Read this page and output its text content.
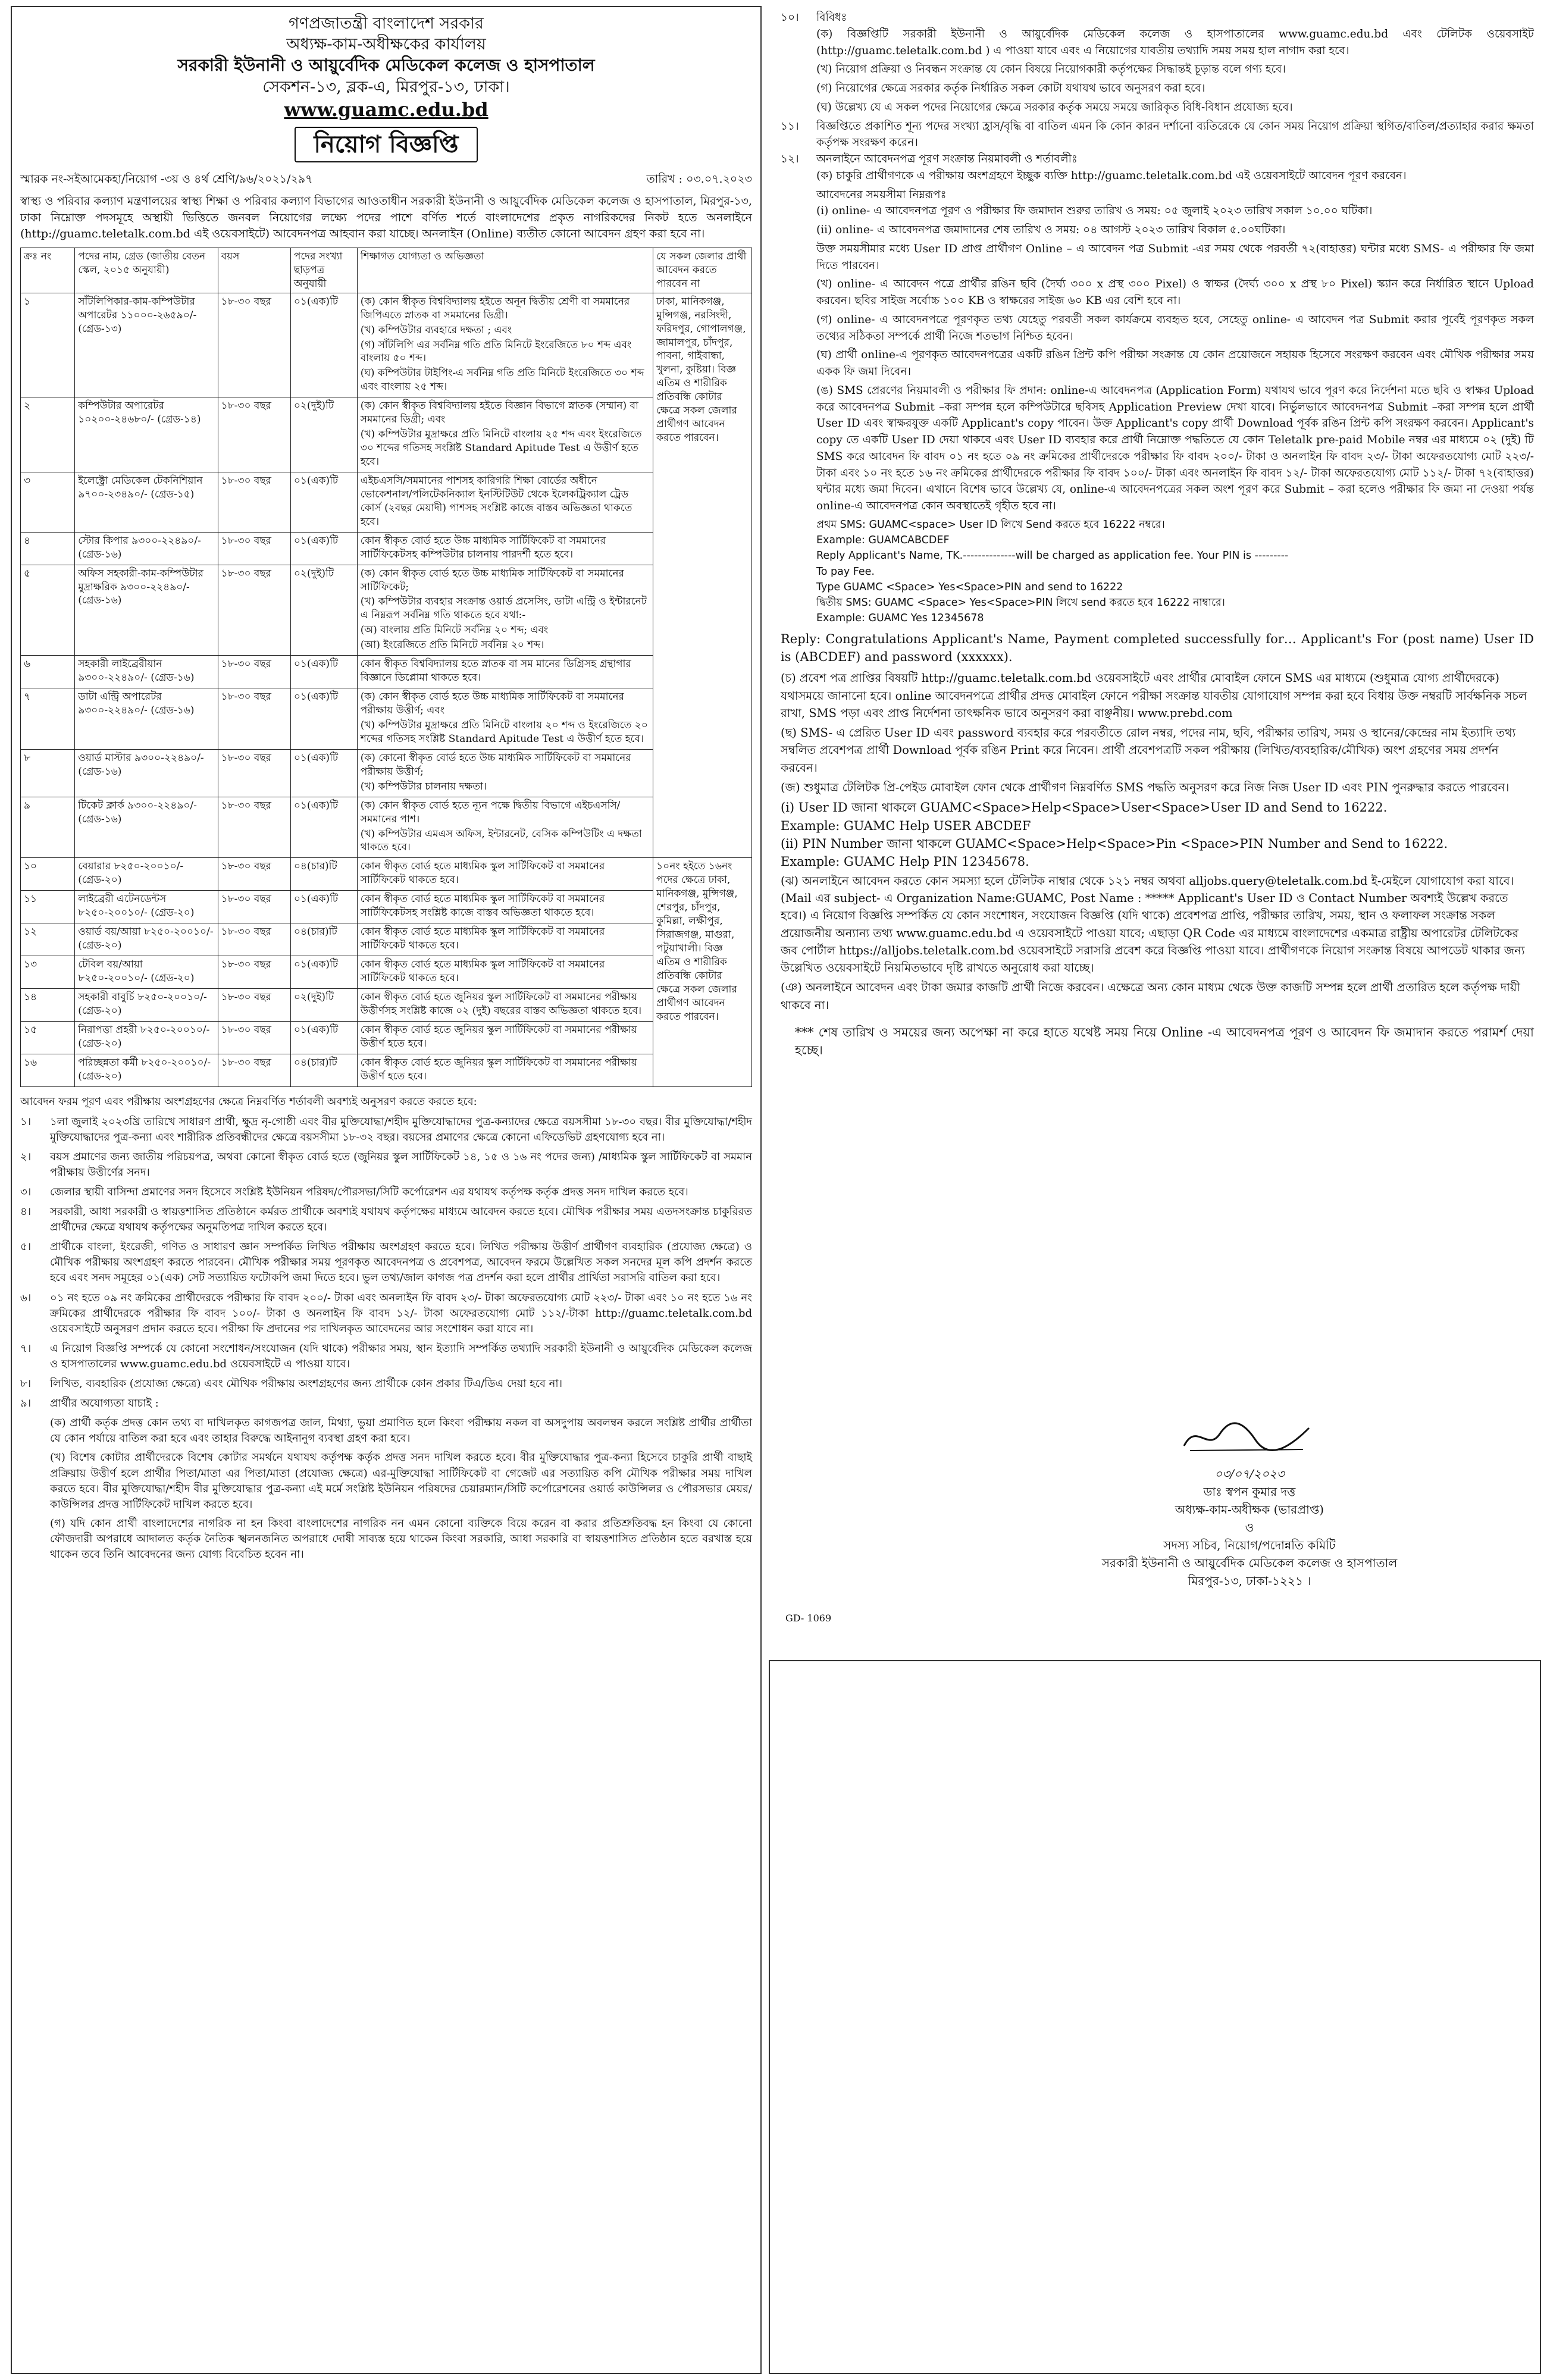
গণপ্রজাতন্ত্রী বাংলাদেশ সরকার
অধ্যক্ষ-কাম-অধীক্ষকের কার্যালয়
সরকারী ইউনানী ও আয়ুর্বেদিক মেডিকেল কলেজ ও হাসপাতাল
সেকশন-১৩, ব্লক-এ, মিরপুর-১৩, ঢাকা।
www.guamc.edu.bd
নিয়োগ বিজ্ঞপ্তি
স্মারক নং-সইআমেকহা/নিয়োগ -৩য় ও ৪র্থ শ্রেণি/৯৬/২০২১/২৯৭	তারিখ : ০৩.০৭.২০২৩

স্বাস্থ্য ও পরিবার কল্যাণ মন্ত্রণালয়ের স্বাস্থ্য শিক্ষা ও পরিবার কল্যাণ বিভাগের আওতাধীন সরকারী ইউনানী ও আয়ুর্বেদিক মেডিকেল কলেজ ও হাসপাতাল, মিরপুর-১৩, ঢাকা নিম্নোক্ত পদসমূহে অস্থায়ী ভিত্তিতে জনবল নিয়োগের লক্ষ্যে পদের পাশে বর্ণিত শর্তে বাংলাদেশের প্রকৃত নাগরিকদের নিকট হতে অনলাইনে (http://guamc.teletalk.com.bd এই ওয়েবসাইটে) আবেদনপত্র আহবান করা যাচ্ছে। অনলাইন (Online) ব্যতীত কোনো আবেদন গ্রহণ করা হবে না।

ক্রঃ নং	পদের নাম, গ্রেড (জাতীয় বেতন স্কেল, ২০১৫ অনুযায়ী)	বয়স	পদের সংখ্যা ছাড়পত্র অনুযায়ী	শিক্ষাগত যোগ্যতা ও অভিজ্ঞতা	যে সকল জেলার প্রার্থী আবেদন করতে পারবেন না
১	সাঁটলিপিকার-কাম-কম্পিউটার অপারেটর ১১০০০-২৬৫৯০/- (গ্রেড-১৩)	১৮-৩০ বছর	০১(এক)টি	(ক) কোন স্বীকৃত বিশ্ববিদ্যালয় হইতে অনূন দ্বিতীয় শ্রেণী বা সমমানের জিপিএতে স্নাতক বা সমমানের ডিগ্রী।
(খ) কম্পিউটার ব্যবহারে দক্ষতা ; এবং
(গ) সাঁটলিপি এর সর্বনিম্ন গতি প্রতি মিনিটে ইংরেজিতে ৮০ শব্দ এবং বাংলায় ৫০ শব্দ।
(ঘ) কম্পিউটার টাইপিং-এ সর্বনিম্ন গতি প্রতি মিনিটে ইংরেজিতে ৩০ শব্দ এবং বাংলায় ২৫ শব্দ।	ঢাকা, মানিকগঞ্জ, মুন্সিগঞ্জ, নরসিংদী, ফরিদপুর, গোপালগঞ্জ, জামালপুর, চাঁদপুর, পাবনা, গাইবান্ধা, খুলনা, কুষ্টিয়া। বিজ্ঞ এতিম ও শারীরিক প্রতিবন্ধি কোটার ক্ষেত্রে সকল জেলার প্রার্থীগণ আবেদন করতে পারবেন।
২	কম্পিউটার অপারেটর ১০২০০-২৪৬৮০/- (গ্রেড-১৪)	১৮-৩০ বছর	০২(দুই)টি	(ক) কোন স্বীকৃত বিশ্ববিদ্যালয় হইতে বিজ্ঞান বিভাগে স্নাতক (সম্মান) বা সমমানের ডিগ্রী; এবং
(খ) কম্পিউটার মুদ্রাক্ষরে প্রতি মিনিটে বাংলায় ২৫ শব্দ এবং ইংরেজিতে ৩০ শব্দের গতিসহ সংশ্লিষ্ট Standard Apitude Test এ উত্তীর্ণ হতে হবে।	

৩	ইলেক্ট্রো মেডিকেল টেকনিশিয়ান ৯৭০০-২৩৪৯০/- (গ্রেড-১৫)	১৮-৩০ বছর	০১(এক)টি	এইচএসসি/সমমানের পাশসহ কারিগরি শিক্ষা বোর্ডের অধীনে ভোকেশনাল/পলিটেকনিক্যাল ইনস্টিটিউট থেকে ইলেকট্রিক্যাল ট্রেড কোর্স (২বছর মেয়াদী) পাশসহ সংশ্লিষ্ট কাজে বাস্তব অভিজ্ঞতা থাকতে হবে।	

৪	স্টোর কিপার ৯৩০০-২২৪৯০/- (গ্রেড-১৬)	১৮-৩০ বছর	০১(এক)টি	কোন স্বীকৃত বোর্ড হতে উচ্চ মাধ্যমিক সার্টিফিকেট বা সমমানের সার্টিফিকেটসহ কম্পিউটার চালনায় পারদর্শী হতে হবে।	

৫	অফিস সহকারী-কাম-কম্পিউটার মুদ্রাক্ষরিক ৯৩০০-২২৪৯০/- (গ্রেড-১৬)	১৮-৩০ বছর	০২(দুই)টি	(ক) কোন স্বীকৃত বোর্ড হতে উচ্চ মাধ্যমিক সার্টিফিকেট বা সমমানের সার্টিফিকেট;
(খ) কম্পিউটার ব্যবহার সংক্রান্ত ওয়ার্ড প্রসেসিং, ডাটা এন্ট্রি ও ইন্টারনেট এ নিম্নরূপ সর্বনিম্ন গতি থাকতে হবে যথা:-
(অ) বাংলায় প্রতি মিনিটে সর্বনিম্ন ২০ শব্দ; এবং
(আ) ইংরেজিতে প্রতি মিনিটে সর্বনিম্ন ২০ শব্দ।	

৬	সহকারী লাইব্রেরীয়ান ৯৩০০-২২৪৯০/- (গ্রেড-১৬)	১৮-৩০ বছর	০১(এক)টি	কোন স্বীকৃত বিশ্ববিদ্যালয় হতে স্নাতক বা সম মানের ডিগ্রিসহ গ্রন্থাগার বিজ্ঞানে ডিপ্লোমা থাকতে হবে।	

৭	ডাটা এন্ট্রি অপারেটর ৯৩০০-২২৪৯০/- (গ্রেড-১৬)	১৮-৩০ বছর	০১(এক)টি	(ক) কোন স্বীকৃত বোর্ড হতে উচ্চ মাধ্যমিক সার্টিফিকেট বা সমমানের পরীক্ষায় উত্তীর্ণ; এবং
(খ) কম্পিউটার মুদ্রাক্ষরে প্রতি মিনিটে বাংলায় ২০ শব্দ ও ইংরেজিতে ২০ শব্দের গতিসহ সংশ্লিষ্ট Standard Apitude Test এ উত্তীর্ণ হতে হবে।	

৮	ওয়ার্ড মাস্টার ৯৩০০-২২৪৯০/- (গ্রেড-১৬)	১৮-৩০ বছর	০১(এক)টি	(ক) কোনো স্বীকৃত বোর্ড হতে উচ্চ মাধ্যমিক সার্টিফিকেট বা সমমানের পরীক্ষায় উত্তীর্ণ;
(খ) কম্পিউটার চালনায় দক্ষতা।	

৯	টিকেট ক্লার্ক ৯৩০০-২২৪৯০/- (গ্রেড-১৬)	১৮-৩০ বছর	০১(এক)টি	(ক) কোন স্বীকৃত বোর্ড হতে ন্যূন পক্ষে দ্বিতীয় বিভাগে এইচএসসি/সমমানের পাশ।
(খ) কম্পিউটার এমএস অফিস, ইন্টারনেট, বেসিক কম্পিউটিং এ দক্ষতা থাকতে হবে।	

১০	বেয়ারার ৮২৫০-২০০১০/- (গ্রেড-২০)	১৮-৩০ বছর	০৪(চার)টি	কোন স্বীকৃত বোর্ড হতে মাধ্যমিক স্কুল সার্টিফিকেট বা সমমানের সার্টিফিকেট থাকতে হবে।	১০নং হইতে ১৬নং পদের ক্ষেত্রে ঢাকা, মানিকগঞ্জ, মুন্সিগঞ্জ, শেরপুর, চাঁদপুর, কুমিল্লা, লক্ষীপুর, সিরাজগঞ্জ, মাগুরা, পটুয়াখালী। বিজ্ঞ এতিম ও শারীরিক প্রতিবন্ধি কোটার ক্ষেত্রে সকল জেলার প্রার্থীগণ আবেদন করতে পারবেন।
১১	লাইব্রেরী এটেনডেন্টস ৮২৫০-২০০১০/- (গ্রেড-২০)	১৮-৩০ বছর	০১(এক)টি	কোন স্বীকৃত বোর্ড হতে মাধ্যমিক স্কুল সার্টিফিকেট বা সমমানের সার্টিফিকেটসহ সংশ্লিষ্ট কাজে বাস্তব অভিজ্ঞতা থাকতে হবে।	

১২	ওয়ার্ড বয়/আয়া ৮২৫০-২০০১০/- (গ্রেড-২০)	১৮-৩০ বছর	০৪(চার)টি	কোন স্বীকৃত বোর্ড হতে মাধ্যমিক স্কুল সার্টিফিকেট বা সমমানের সার্টিফিকেট থাকতে হবে।	

১৩	টেবিল বয়/আয়া ৮২৫০-২০০১০/- (গ্রেড-২০)	১৮-৩০ বছর	০১(এক)টি	কোন স্বীকৃত বোর্ড হতে মাধ্যমিক স্কুল সার্টিফিকেট বা সমমানের সার্টিফিকেট থাকতে হবে।	

১৪	সহকারী বাবুর্চি ৮২৫০-২০০১০/- (গ্রেড-২০)	১৮-৩০ বছর	০২(দুই)টি	কোন স্বীকৃত বোর্ড হতে জুনিয়র স্কুল সার্টিফিকেট বা সমমানের পরীক্ষায় উত্তীর্ণসহ সংশ্লিষ্ট কাজে ০২ (দুই) বছরের বাস্তব অভিজ্ঞতা থাকতে হবে।	

১৫	নিরাপত্তা প্রহরী ৮২৫০-২০০১০/- (গ্রেড-২০)	১৮-৩০ বছর	০১(এক)টি	কোন স্বীকৃত বোর্ড হতে জুনিয়র স্কুল সার্টিফিকেট বা সমমানের পরীক্ষায় উত্তীর্ণ হতে হবে।	

১৬	পরিচ্ছন্নতা কর্মী ৮২৫০-২০০১০/- (গ্রেড-২০)	১৮-৩০ বছর	০৪(চার)টি	কোন স্বীকৃত বোর্ড হতে জুনিয়র স্কুল সার্টিফিকেট বা সমমানের পরীক্ষায় উত্তীর্ণ হতে হবে।	
আবেদন ফরম পূরণ এবং পরীক্ষায় অংশগ্রহণের ক্ষেত্রে নিম্নবর্ণিত শর্তাবলী অবশ্যই অনুসরণ করতে করতে হবে:
১।	১লা জুলাই ২০২৩খ্রি তারিখে সাধারণ প্রার্থী, ক্ষুদ্র নৃ-গোষ্ঠী এবং বীর মুক্তিযোদ্ধা/শহীদ মুক্তিযোদ্ধাদের পুত্র-কন্যাদের ক্ষেত্রে বয়সসীমা ১৮-৩০ বছর। বীর মুক্তিযোদ্ধা/শহীদ মুক্তিযোদ্ধাদের পুত্র-কন্যা এবং শারীরিক প্রতিবন্ধীদের ক্ষেত্রে বয়সসীমা ১৮-৩২ বছর। বয়সের প্রমাণের ক্ষেত্রে কোনো এফিডেভিট গ্রহণযোগ্য হবে না।
২।	বয়স প্রমাণের জন্য জাতীয় পরিচয়পত্র, অথবা কোনো স্বীকৃত বোর্ড হতে (জুনিয়র স্কুল সার্টিফিকেট ১৪, ১৫ ও ১৬ নং পদের জন্য) /মাধ্যমিক স্কুল সার্টিফিকেট বা সমমান পরীক্ষায় উত্তীর্ণের সনদ।
৩।	জেলার স্থায়ী বাসিন্দা প্রমাণের সনদ হিসেবে সংশ্লিষ্ট ইউনিয়ন পরিষদ/পৌরসভা/সিটি কর্পোরেশন এর যথাযথ কর্তৃপক্ষ কর্তৃক প্রদত্ত সনদ দাখিল করতে হবে।
৪।	সরকারী, আধা সরকারী ও স্বায়ত্তশাসিত প্রতিষ্ঠানে কর্মরত প্রার্থীকে অবশ্যই যথাযথ কর্তৃপক্ষের মাধ্যমে আবেদন করতে হবে। মৌখিক পরীক্ষার সময় এতদসংক্রান্ত চাকুরিরত প্রার্থীদের ক্ষেত্রে যথাযথ কর্তৃপক্ষের অনুমতিপত্র দাখিল করতে হবে।
৫।	প্রার্থীকে বাংলা, ইংরেজী, গণিত ও সাধারণ জ্ঞান সম্পর্কিত লিখিত পরীক্ষায় অংশগ্রহণ করতে হবে। লিখিত পরীক্ষায় উত্তীর্ণ প্রার্থীগণ ব্যবহারিক (প্রযোজ্য ক্ষেত্রে) ও মৌখিক পরীক্ষায় অংশগ্রহণ করতে পারবেন। মৌখিক পরীক্ষার সময় পূরণকৃত আবেদনপত্র ও প্রবেশপত্র, আবেদন ফরমে উল্লেখিত সকল সনদের মূল কপি প্রদর্শন করতে হবে এবং সনদ সমূহের ০১(এক) সেট সত্যায়িত ফটোকপি জমা দিতে হবে। ভুল তথ্য/জাল কাগজ পত্র প্রদর্শন করা হলে প্রার্থীর প্রার্থিতা সরাসরি বাতিল করা হবে।
৬।	০১ নং হতে ০৯ নং ক্রমিকের প্রার্থীদেরকে পরীক্ষার ফি বাবদ ২০০/- টাকা এবং অনলাইন ফি বাবদ ২৩/- টাকা অফেরতযোগ্য মোট ২২৩/- টাকা এবং ১০ নং হতে ১৬ নং ক্রমিকের প্রার্থীদেরকে পরীক্ষার ফি বাবদ ১০০/- টাকা ও অনলাইন ফি বাবদ ১২/- টাকা অফেরতযোগ্য মোট ১১২/-টাকা http://guamc.teletalk.com.bd ওয়েবসাইটে অনুসরণ প্রদান করতে হবে। পরীক্ষা ফি প্রদানের পর দাখিলকৃত আবেদনের আর সংশোধন করা যাবে না।
৭।	এ নিয়োগ বিজ্ঞপ্তি সম্পর্কে যে কোনো সংশোধন/সংযোজন (যদি থাকে) পরীক্ষার সময়, স্থান ইত্যাদি সম্পর্কিত তথ্যাদি সরকারী ইউনানী ও আয়ুর্বেদিক মেডিকেল কলেজ ও হাসপাতালের www.guamc.edu.bd ওয়েবসাইটে এ পাওয়া যাবে।
৮।	লিখিত, ব্যবহারিক (প্রযোজ্য ক্ষেত্রে) এবং মৌখিক পরীক্ষায় অংশগ্রহণের জন্য প্রার্থীকে কোন প্রকার টিএ/ডিএ দেয়া হবে না।
৯।	প্রার্থীর অযোগ্যতা যাচাই :
(ক) প্রার্থী কর্তৃক প্রদত্ত কোন তথ্য বা দাখিলকৃত কাগজপত্র জাল, মিথ্যা, ভুয়া প্রমাণিত হলে কিংবা পরীক্ষায় নকল বা অসদুপায় অবলম্বন করলে সংশ্লিষ্ট প্রার্থীর প্রার্থীতা যে কোন পর্যায়ে বাতিল করা হবে এবং তাহার বিরুদ্ধে আইনানুগ ব্যবস্থা গ্রহণ করা হবে।
(খ) বিশেষ কোটার প্রার্থীদেরকে বিশেষ কোটার সমর্থনে যথাযথ কর্তৃপক্ষ কর্তৃক প্রদত্ত সনদ দাখিল করতে হবে। বীর মুক্তিযোদ্ধার পুত্র-কন্যা হিসেবে চাকুরি প্রার্থী বাছাই প্রক্রিয়ায় উত্তীর্ণ হলে প্রার্থীর পিতা/মাতা এর পিতা/মাতা (প্রযোজ্য ক্ষেত্রে) এর-মুক্তিযোদ্ধা সার্টিফিকেট বা গেজেট এর সত্যায়িত কপি মৌখিক পরীক্ষার সময় দাখিল করতে হবে। বীর মুক্তিযোদ্ধা/শহীদ বীর মুক্তিযোদ্ধার পুত্র-কন্যা এই মর্মে সংশ্লিষ্ট ইউনিয়ন পরিষদের চেয়ারম্যান/সিটি কর্পোরেশনের ওয়ার্ড কাউন্সিলর ও পৌরসভার মেয়র/কাউন্সিলর প্রদত্ত সার্টিফিকেট দাখিল করতে হবে।
(গ) যদি কোন প্রার্থী বাংলাদেশের নাগরিক না হন কিংবা বাংলাদেশের নাগরিক নন এমন কোনো ব্যক্তিকে বিয়ে করেন বা করার প্রতিশ্রুতিবদ্ধ হন কিংবা যে কোনো ফৌজদারী অপরাধে আদালত কর্তৃক নৈতিক স্খলনজনিত অপরাধে দোষী সাব্যস্ত হয়ে থাকেন কিংবা সরকারি, আধা সরকারি বা স্বায়ত্তশাসিত প্রতিষ্ঠান হতে বরখাস্ত হয়ে থাকেন তবে তিনি আবেদনের জন্য যোগ্য বিবেচিত হবেন না।
১০।	বিবিধঃ
(ক) বিজ্ঞপ্তিটি সরকারী ইউনানী ও আয়ুর্বেদিক মেডিকেল কলেজ ও হাসপাতালের www.guamc.edu.bd এবং টেলিটক ওয়েবসাইট (http://guamc.teletalk.com.bd ) এ পাওয়া যাবে এবং এ নিয়োগের যাবতীয় তথ্যাদি সময় সময় হাল নাগাদ করা হবে।
(খ) নিয়োগ প্রক্রিয়া ও নিবন্ধন সংক্রান্ত যে কোন বিষয়ে নিয়োগকারী কর্তৃপক্ষের সিদ্ধান্তই চূড়ান্ত বলে গণ্য হবে।
(গ) নিয়োগের ক্ষেত্রে সরকার কর্তৃক নির্ধারিত সকল কোটা যথাযথ ভাবে অনুসরণ করা হবে।
(ঘ) উল্লেখ্য যে এ সকল পদের নিয়োগের ক্ষেত্রে সরকার কর্তৃক সময়ে সময়ে জারিকৃত বিধি-বিধান প্রযোজ্য হবে।
১১।	বিজ্ঞপ্তিতে প্রকাশিত শূন্য পদের সংখ্যা হ্রাস/বৃদ্ধি বা বাতিল এমন কি কোন কারন দর্শানো ব্যতিরেকে যে কোন সময় নিয়োগ প্রক্রিয়া স্থগিত/বাতিল/প্রত্যাহার করার ক্ষমতা কর্তৃপক্ষ সংরক্ষণ করেন।
১২।	অনলাইনে আবেদনপত্র পূরণ সংক্রান্ত নিয়মাবলী ও শর্তাবলীঃ
(ক) চাকুরি প্রার্থীগণকে এ পরীক্ষায় অংশগ্রহণে ইচ্ছুক ব্যক্তি http://guamc.teletalk.com.bd এই ওয়েবসাইটে আবেদন পূরণ করবেন।
আবেদনের সময়সীমা নিম্নরূপঃ
(i) online- এ আবেদনপত্র পূরণ ও পরীক্ষার ফি জমাদান শুরুর তারিখ ও সময়: ০৫ জুলাই ২০২৩ তারিখ সকাল ১০.০০ ঘটিকা।
(ii) online- এ আবেদনপত্র জমাদানের শেষ তারিখ ও সময়: ০৪ আগস্ট ২০২৩ তারিখ বিকাল ৫.০০ঘটিকা।
উক্ত সময়সীমার মধ্যে User ID প্রাপ্ত প্রার্থীগণ Online – এ আবেদন পত্র Submit -এর সময় থেকে পরবর্তী ৭২(বাহাত্তর) ঘন্টার মধ্যে SMS- এ পরীক্ষার ফি জমা দিতে পারবেন।
(খ) online- এ আবেদন পত্রে প্রার্থীর রঙিন ছবি (দৈর্ঘ্য ৩০০ x প্রস্থ ৩০০ Pixel) ও স্বাক্ষর (দৈর্ঘ্য ৩০০ x প্রস্থ ৮০ Pixel) স্ক্যান করে নির্ধারিত স্থানে Upload করবেন। ছবির সাইজ সর্বোচ্চ ১০০ KB ও স্বাক্ষরের সাইজ ৬০ KB এর বেশি হবে না।
(গ) online- এ আবেদনপত্রে পূরণকৃত তথ্য যেহেতু পরবর্তী সকল কার্যক্রমে ব্যবহৃত হবে, সেহেতু online- এ আবেদন পত্র Submit করার পূর্বেই পূরণকৃত সকল তথ্যের সঠিকতা সম্পর্কে প্রার্থী নিজে শতভাগ নিশ্চিত হবেন।
(ঘ) প্রার্থী online-এ পূরণকৃত আবেদনপত্রের একটি রঙিন প্রিন্ট কপি পরীক্ষা সংক্রান্ত যে কোন প্রয়োজনে সহায়ক হিসেবে সংরক্ষণ করবেন এবং মৌখিক পরীক্ষার সময় একক ফি জমা দিবেন।
(ঙ) SMS প্রেরণের নিয়মাবলী ও পরীক্ষার ফি প্রদান: online-এ আবেদনপত্র (Application Form) যথাযথ ভাবে পূরণ করে নির্দেশনা মতে ছবি ও স্বাক্ষর Upload করে আবেদনপত্র Submit –করা সম্পন্ন হলে কম্পিউটারে ছবিসহ Application Preview দেখা যাবে। নির্ভুলভাবে আবেদনপত্র Submit –করা সম্পন্ন হলে প্রার্থী User ID এবং স্বাক্ষরযুক্ত একটি Applicant's copy পাবেন। উক্ত Applicant's copy প্রার্থী Download পূর্বক রঙিন প্রিন্ট কপি সংরক্ষণ করবেন। Applicant's copy তে একটি User ID দেয়া থাকবে এবং User ID ব্যবহার করে প্রার্থী নিম্নোক্ত পদ্ধতিতে যে কোন Teletalk pre-paid Mobile নম্বর এর মাধ্যমে ০২ (দুই) টি SMS করে আবেদন ফি বাবদ ০১ নং হতে ০৯ নং ক্রমিকের প্রার্থীদেরকে পরীক্ষার ফি বাবদ ২০০/- টাকা ও অনলাইন ফি বাবদ ২৩/- টাকা অফেরতযোগ্য মোট ২২৩/- টাকা এবং ১০ নং হতে ১৬ নং ক্রমিকের প্রার্থীদেরকে পরীক্ষার ফি বাবদ ১০০/- টাকা এবং অনলাইন ফি বাবদ ১২/- টাকা অফেরতযোগ্য মোট ১১২/- টাকা ৭২(বাহাত্তর) ঘন্টার মধ্যে জমা দিবেন। এখানে বিশেষ ভাবে উল্লেখ্য যে, online-এ আবেদনপত্রের সকল অংশ পূরণ করে Submit – করা হলেও পরীক্ষার ফি জমা না দেওয়া পর্যন্ত online-এ আবেদনপত্র কোন অবস্থাতেই গৃহীত হবে না।
প্রথম SMS: GUAMC<space> User ID লিখে Send করতে হবে 16222 নম্বরে।
Example: GUAMCABCDEF
Reply Applicant's Name, TK.--------------will be charged as application fee. Your PIN is ---------
To pay Fee.
Type GUAMC <Space> Yes<Space>PIN and send to 16222
দ্বিতীয় SMS: GUAMC <Space> Yes<Space>PIN লিখে send করতে হবে 16222 নাম্বারে।
Example: GUAMC Yes 12345678
Reply: Congratulations Applicant's Name, Payment completed successfully for… Applicant's For (post name) User ID is (ABCDEF) and password (xxxxxx).
(চ) প্রবেশ পত্র প্রাপ্তির বিষয়টি http://guamc.teletalk.com.bd ওয়েবসাইটে এবং প্রার্থীর মোবাইল ফোনে SMS এর মাধ্যমে (শুধুমাত্র যোগ্য প্রার্থীদেরকে) যথাসময়ে জানানো হবে। online আবেদনপত্রে প্রার্থীর প্রদত্ত মোবাইল ফোনে পরীক্ষা সংক্রান্ত যাবতীয় যোগাযোগ সম্পন্ন করা হবে বিধায় উক্ত নম্বরটি সার্বক্ষনিক সচল রাখা, SMS পড়া এবং প্রাপ্ত নির্দেশনা তাৎক্ষনিক ভাবে অনুসরণ করা বাঞ্ছনীয়। www.prebd.com
(ছ) SMS- এ প্রেরিত User ID এবং password ব্যবহার করে পরবর্তীতে রোল নম্বর, পদের নাম, ছবি, পরীক্ষার তারিখ, সময় ও স্থানের/কেন্দ্রের নাম ইত্যাদি তথ্য সম্বলিত প্রবেশপত্র প্রার্থী Download পূর্বক রঙিন Print করে নিবেন। প্রার্থী প্রবেশপত্রটি সকল পরীক্ষায় (লিখিত/ব্যবহারিক/মৌখিক) অংশ গ্রহণের সময় প্রদর্শন করবেন।
(জ) শুধুমাত্র টেলিটক প্রি-পেইড মোবাইল ফোন থেকে প্রার্থীগণ নিম্নবর্ণিত SMS পদ্ধতি অনুসরণ করে নিজ নিজ User ID এবং PIN পুনরুদ্ধার করতে পারবেন।
(i) User ID জানা থাকলে GUAMC<Space>Help<Space>User<Space>User ID and Send to 16222.
Example: GUAMC Help USER ABCDEF
(ii) PIN Number জানা থাকলে GUAMC<Space>Help<Space>Pin <Space>PIN Number and Send to 16222.
Example: GUAMC Help PIN 12345678.
(ঝ) অনলাইনে আবেদন করতে কোন সমস্যা হলে টেলিটক নাম্বার থেকে ১২১ নম্বর অথবা alljobs.query@teletalk.com.bd ই-মেইলে যোগাযোগ করা যাবে। (Mail এর subject- এ Organization Name:GUAMC, Post Name : ***** Applicant's User ID ও Contact Number অবশ্যই উল্লেখ করতে হবে।) এ নিয়োগ বিজ্ঞপ্তি সম্পর্কিত যে কোন সংশোধন, সংযোজন বিজ্ঞপ্তি (যদি থাকে) প্রবেশপত্র প্রাপ্তি, পরীক্ষার তারিখ, সময়, স্থান ও ফলাফল সংক্রান্ত সকল প্রয়োজনীয় অন্যান্য তথ্য www.guamc.edu.bd এ ওয়েবসাইটে পাওয়া যাবে; এছাড়া QR Code এর মাধ্যমে বাংলাদেশের একমাত্র রাষ্ট্রীয় অপারেটর টেলিটকের জব পোর্টাল https://alljobs.teletalk.com.bd ওয়েবসাইটে সরাসরি প্রবেশ করে বিজ্ঞপ্তি পাওয়া যাবে। প্রার্থীগণকে নিয়োগ সংক্রান্ত বিষয়ে আপডেট থাকার জন্য উল্লেখিত ওয়েবসাইটে নিয়মিতভাবে দৃষ্টি রাখতে অনুরোধ করা যাচ্ছে।
(ঞ) অনলাইনে আবেদন এবং টাকা জমার কাজটি প্রার্থী নিজে করবেন। এক্ষেত্রে অন্য কোন মাধ্যম থেকে উক্ত কাজটি সম্পন্ন হলে প্রার্থী প্রতারিত হলে কর্তৃপক্ষ দায়ী থাকবে না।
*** শেষ তারিখ ও সময়ের জন্য অপেক্ষা না করে হাতে যথেষ্ট সময় নিয়ে Online -এ আবেদনপত্র পূরণ ও আবেদন ফি জমাদান করতে পরামর্শ দেয়া হচ্ছে।
০৩/০৭/২০২৩
ডাঃ স্বপন কুমার দত্ত
অধ্যক্ষ-কাম-অধীক্ষক (ভারপ্রাপ্ত)
ও
সদস্য সচিব, নিয়োগ/পদোন্নতি কমিটি
সরকারী ইউনানী ও আয়ুর্বেদিক মেডিকেল কলেজ ও হাসপাতাল
মিরপুর-১৩, ঢাকা-১২২১ ।
GD- 1069
